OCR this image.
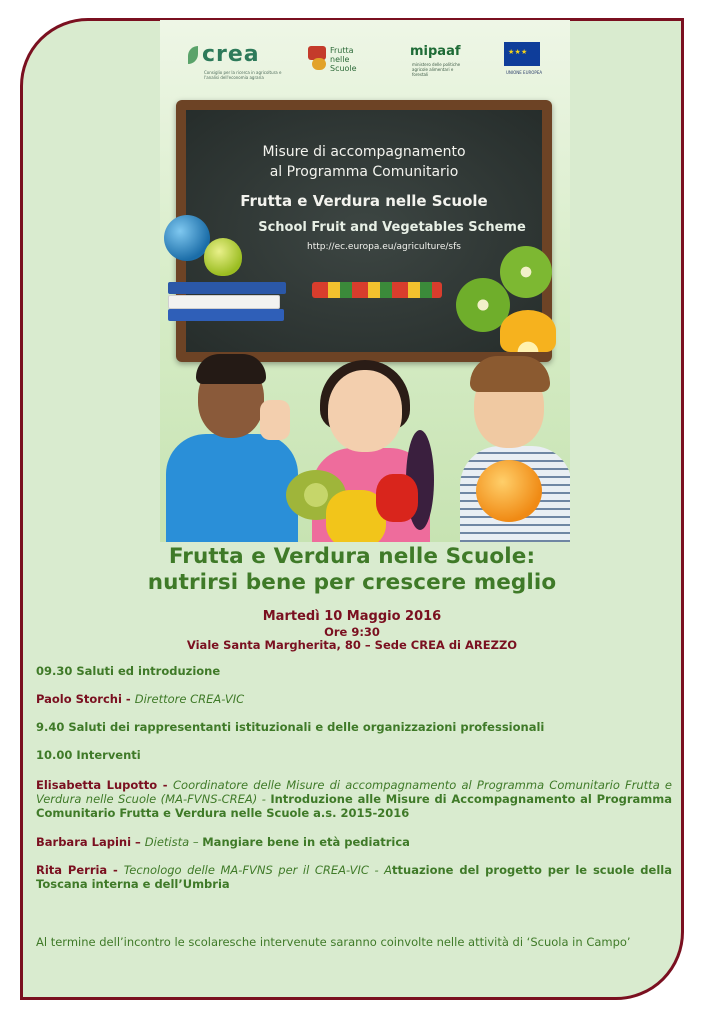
crea
Consiglio per la ricerca in agricoltura e l'analisi dell'economia agraria
Frutta nelle Scuole
mipaaf
ministero delle politiche agricole alimentari e forestali
★ ★ ★	UNIONE EUROPEA
Misure di accompagnamento
al Programma Comunitario
Frutta e Verdura nelle Scuole
School Fruit and Vegetables Scheme
http://ec.europa.eu/agriculture/sfs
Frutta e Verdura nelle Scuole:
nutrirsi bene per crescere meglio

Martedì 10 Maggio 2016

Ore 9:30

Viale Santa Margherita, 80 – Sede CREA di AREZZO

09.30 Saluti ed introduzione

Paolo Storchi - Direttore CREA-VIC

9.40 Saluti dei rappresentanti istituzionali e delle organizzazioni professionali

10.00 Interventi

Elisabetta Lupotto - Coordinatore delle Misure di accompagnamento al Programma Comunitario Frutta e Verdura nelle Scuole (MA-FVNS-CREA) - Introduzione alle Misure di Accompagnamento al Programma Comunitario Frutta e Verdura nelle Scuole a.s. 2015-2016

Barbara Lapini – Dietista – Mangiare bene in età pediatrica

Rita Perria - Tecnologo delle MA-FVNS per il CREA-VIC - Attuazione del progetto per le scuole della Toscana interna e dell’Umbria

Al termine dell’incontro le scolaresche intervenute saranno coinvolte nelle attività di ‘Scuola in Campo’
